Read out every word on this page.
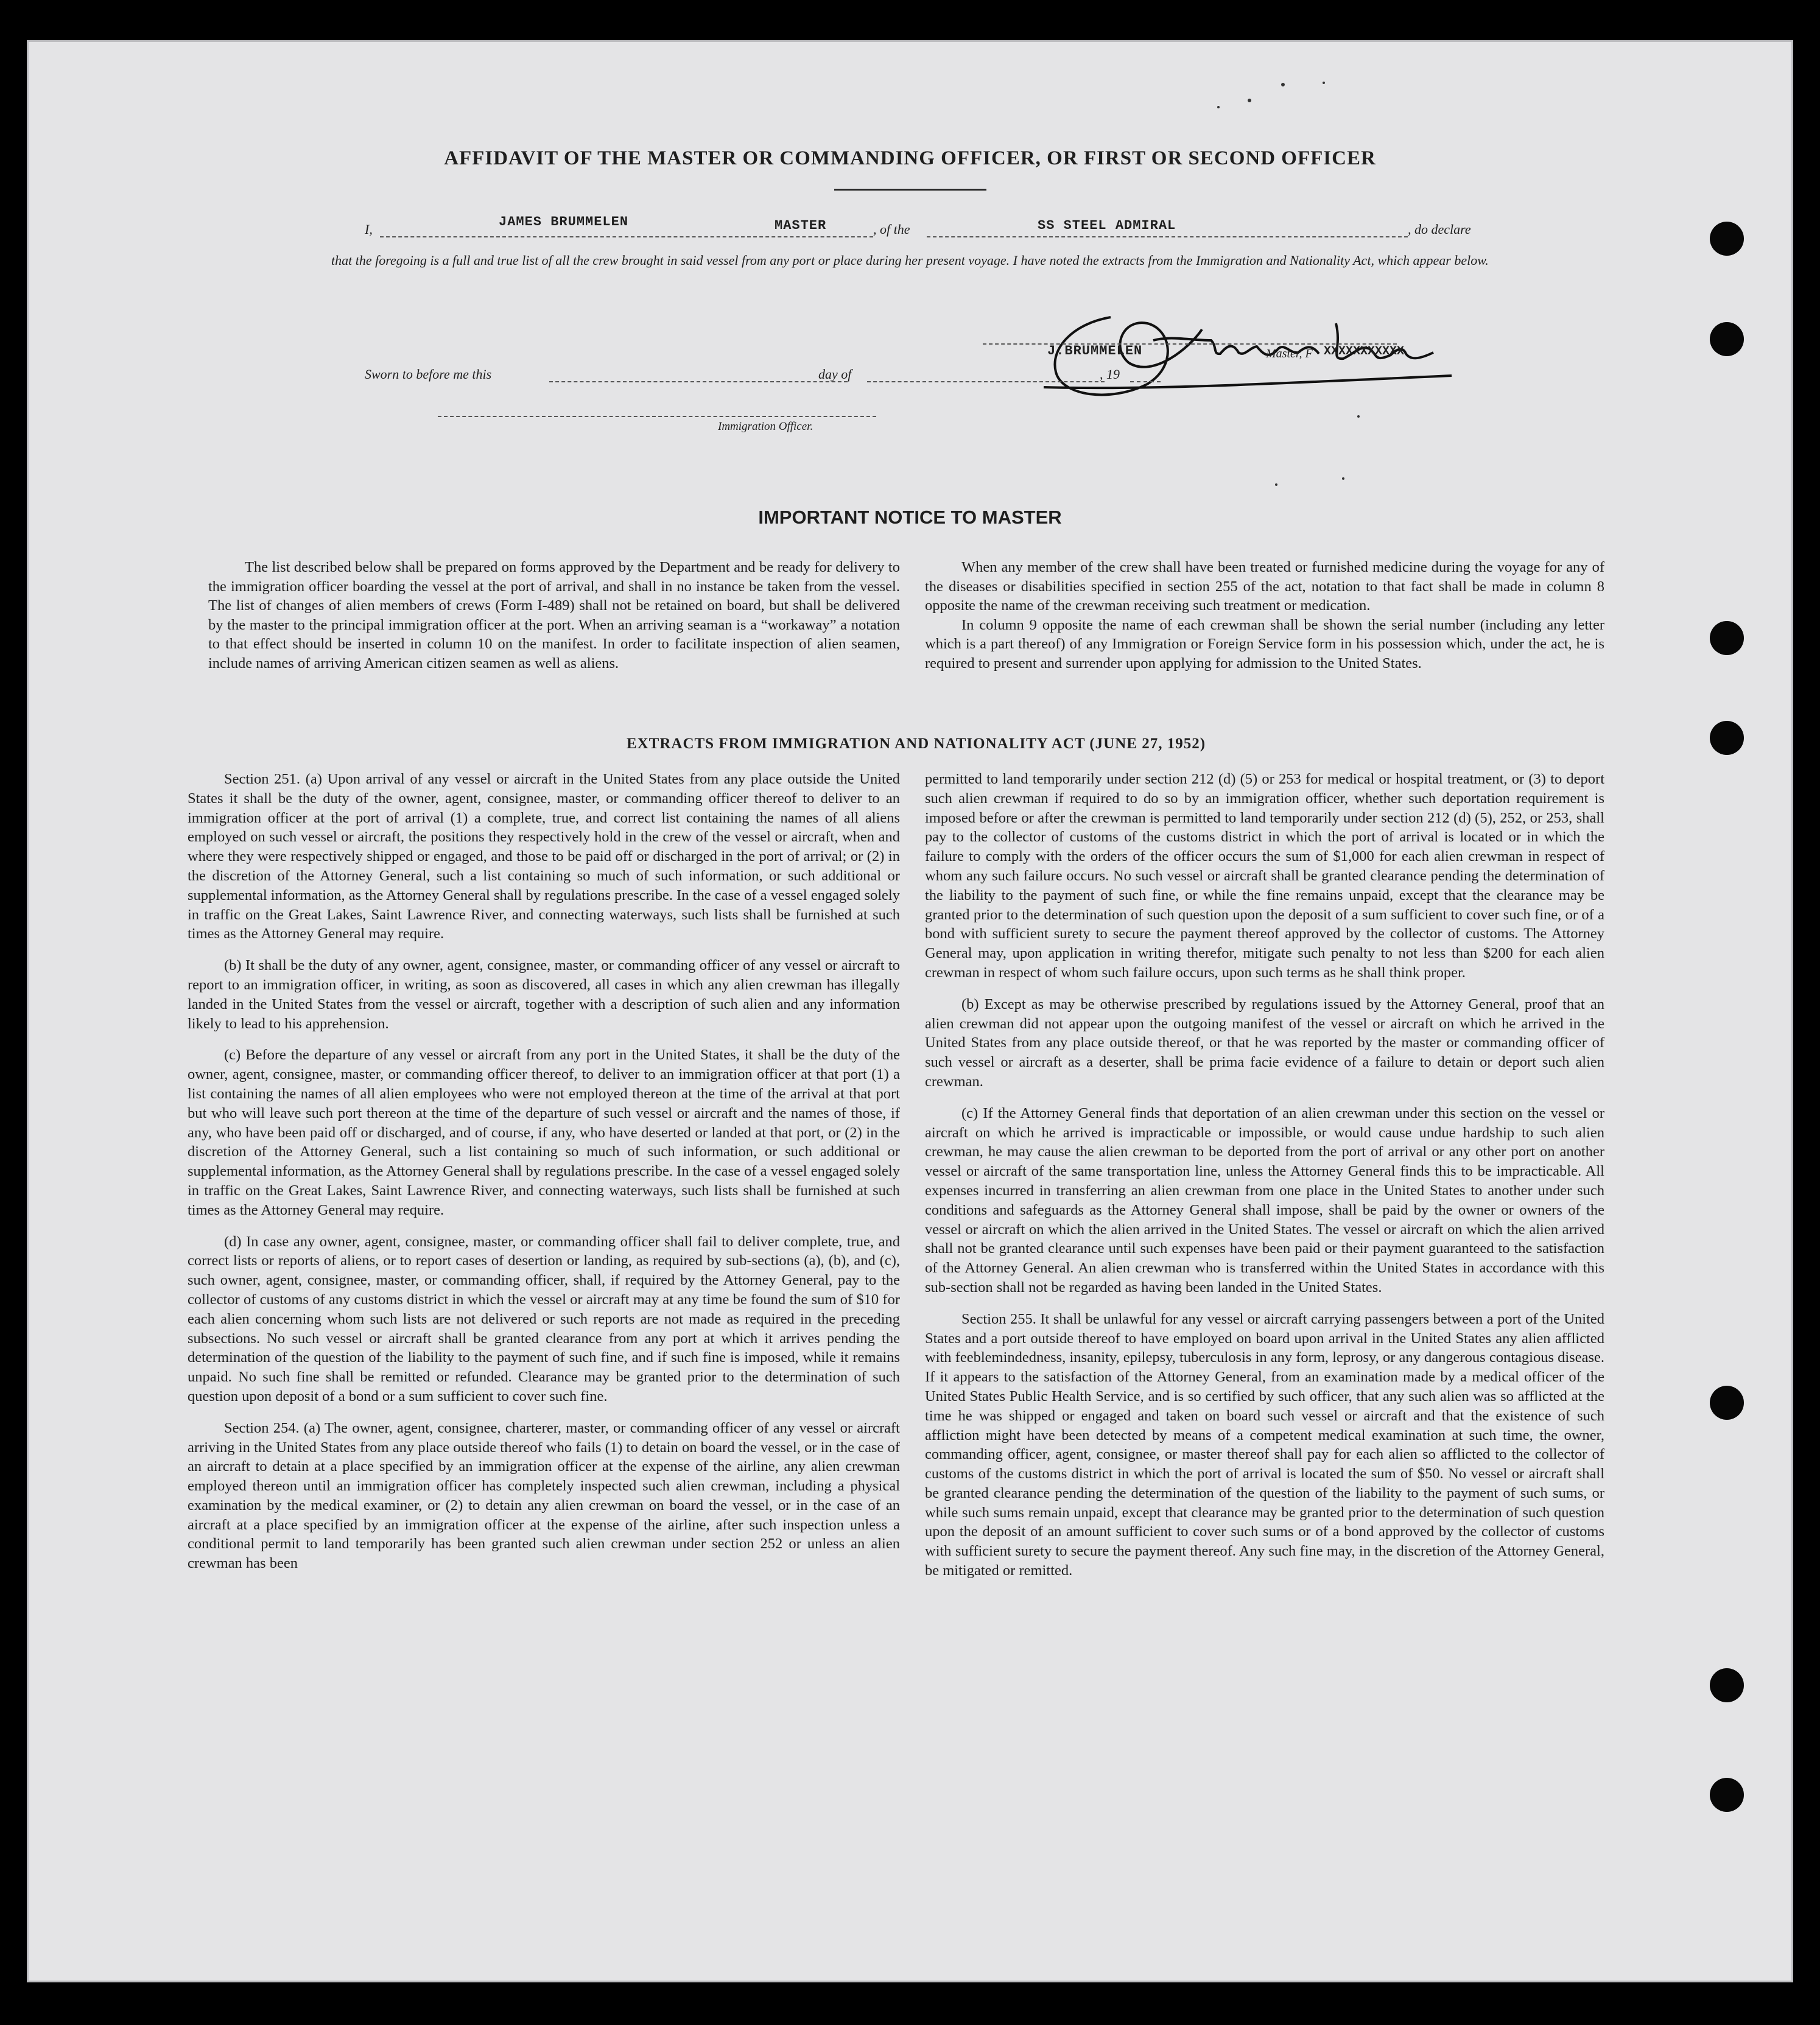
AFFIDAVIT OF THE MASTER OR COMMANDING OFFICER, OR FIRST OR SECOND OFFICER
I,	JAMES BRUMMELEN	MASTER	, of the	SS STEEL ADMIRAL	, do declare
that the foregoing is a full and true list of all the crew brought in said vessel from any port or place during her present voyage. I have noted the extracts from the Immigration and Nationality Act, which appear below.
J.BRUMMELEN	Master, F XXXXXXXXXXX
Sworn to before me this	day of	, 19
Immigration Officer.
IMPORTANT NOTICE TO MASTER

The list described below shall be prepared on forms approved by the Department and be ready for delivery to the immigration officer boarding the vessel at the port of arrival, and shall in no instance be taken from the vessel. The list of changes of alien members of crews (Form I-489) shall not be retained on board, but shall be delivered by the master to the principal immigration officer at the port. When an arriving seaman is a “workaway” a notation to that effect should be inserted in column 10 on the manifest. In order to facilitate inspection of alien seamen, include names of arriving American citizen seamen as well as aliens.

When any member of the crew shall have been treated or furnished medicine during the voyage for any of the diseases or disabilities specified in section 255 of the act, notation to that fact shall be made in column 8 opposite the name of the crewman receiving such treatment or medication.

In column 9 opposite the name of each crewman shall be shown the serial number (including any letter which is a part thereof) of any Immigration or Foreign Service form in his possession which, under the act, he is required to present and surrender upon applying for admission to the United States.

EXTRACTS FROM IMMIGRATION AND NATIONALITY ACT (JUNE 27, 1952)

Section 251. (a) Upon arrival of any vessel or aircraft in the United States from any place outside the United States it shall be the duty of the owner, agent, consignee, master, or commanding officer thereof to deliver to an immigration officer at the port of arrival (1) a complete, true, and correct list containing the names of all aliens employed on such vessel or aircraft, the positions they respectively hold in the crew of the vessel or aircraft, when and where they were respectively shipped or engaged, and those to be paid off or discharged in the port of arrival; or (2) in the discretion of the Attorney General, such a list containing so much of such information, or such additional or supplemental information, as the Attorney General shall by regulations prescribe. In the case of a vessel engaged solely in traffic on the Great Lakes, Saint Lawrence River, and connecting waterways, such lists shall be furnished at such times as the Attorney General may require.

(b) It shall be the duty of any owner, agent, consignee, master, or commanding officer of any vessel or aircraft to report to an immigration officer, in writing, as soon as discovered, all cases in which any alien crewman has illegally landed in the United States from the vessel or aircraft, together with a description of such alien and any information likely to lead to his apprehension.

(c) Before the departure of any vessel or aircraft from any port in the United States, it shall be the duty of the owner, agent, consignee, master, or commanding officer thereof, to deliver to an immigration officer at that port (1) a list containing the names of all alien employees who were not employed thereon at the time of the arrival at that port but who will leave such port thereon at the time of the departure of such vessel or aircraft and the names of those, if any, who have been paid off or discharged, and of course, if any, who have deserted or landed at that port, or (2) in the discretion of the Attorney General, such a list containing so much of such information, or such additional or supplemental information, as the Attorney General shall by regulations prescribe. In the case of a vessel engaged solely in traffic on the Great Lakes, Saint Lawrence River, and connecting waterways, such lists shall be furnished at such times as the Attorney General may require.

(d) In case any owner, agent, consignee, master, or commanding officer shall fail to deliver complete, true, and correct lists or reports of aliens, or to report cases of desertion or landing, as required by sub-sections (a), (b), and (c), such owner, agent, consignee, master, or commanding officer, shall, if required by the Attorney General, pay to the collector of customs of any customs district in which the vessel or aircraft may at any time be found the sum of $10 for each alien concerning whom such lists are not delivered or such reports are not made as required in the preceding subsections. No such vessel or aircraft shall be granted clearance from any port at which it arrives pending the determination of the question of the liability to the payment of such fine, and if such fine is imposed, while it remains unpaid. No such fine shall be remitted or refunded. Clearance may be granted prior to the determination of such question upon deposit of a bond or a sum sufficient to cover such fine.

Section 254. (a) The owner, agent, consignee, charterer, master, or commanding officer of any vessel or aircraft arriving in the United States from any place outside thereof who fails (1) to detain on board the vessel, or in the case of an aircraft to detain at a place specified by an immigration officer at the expense of the airline, any alien crewman employed thereon until an immigration officer has completely inspected such alien crewman, including a physical examination by the medical examiner, or (2) to detain any alien crewman on board the vessel, or in the case of an aircraft at a place specified by an immigration officer at the expense of the airline, after such inspection unless a conditional permit to land temporarily has been granted such alien crewman under section 252 or unless an alien crewman has been

permitted to land temporarily under section 212 (d) (5) or 253 for medical or hospital treatment, or (3) to deport such alien crewman if required to do so by an immigration officer, whether such deportation requirement is imposed before or after the crewman is permitted to land temporarily under section 212 (d) (5), 252, or 253, shall pay to the collector of customs of the customs district in which the port of arrival is located or in which the failure to comply with the orders of the officer occurs the sum of $1,000 for each alien crewman in respect of whom any such failure occurs. No such vessel or aircraft shall be granted clearance pending the determination of the liability to the payment of such fine, or while the fine remains unpaid, except that the clearance may be granted prior to the determination of such question upon the deposit of a sum sufficient to cover such fine, or of a bond with sufficient surety to secure the payment thereof approved by the collector of customs. The Attorney General may, upon application in writing therefor, mitigate such penalty to not less than $200 for each alien crewman in respect of whom such failure occurs, upon such terms as he shall think proper.

(b) Except as may be otherwise prescribed by regulations issued by the Attorney General, proof that an alien crewman did not appear upon the outgoing manifest of the vessel or aircraft on which he arrived in the United States from any place outside thereof, or that he was reported by the master or commanding officer of such vessel or aircraft as a deserter, shall be prima facie evidence of a failure to detain or deport such alien crewman.

(c) If the Attorney General finds that deportation of an alien crewman under this section on the vessel or aircraft on which he arrived is impracticable or impossible, or would cause undue hardship to such alien crewman, he may cause the alien crewman to be deported from the port of arrival or any other port on another vessel or aircraft of the same transportation line, unless the Attorney General finds this to be impracticable. All expenses incurred in transferring an alien crewman from one place in the United States to another under such conditions and safeguards as the Attorney General shall impose, shall be paid by the owner or owners of the vessel or aircraft on which the alien arrived in the United States. The vessel or aircraft on which the alien arrived shall not be granted clearance until such expenses have been paid or their payment guaranteed to the satisfaction of the Attorney General. An alien crewman who is transferred within the United States in accordance with this sub-section shall not be regarded as having been landed in the United States.

Section 255. It shall be unlawful for any vessel or aircraft carrying passengers between a port of the United States and a port outside thereof to have employed on board upon arrival in the United States any alien afflicted with feeblemindedness, insanity, epilepsy, tuberculosis in any form, leprosy, or any dangerous contagious disease. If it appears to the satisfaction of the Attorney General, from an examination made by a medical officer of the United States Public Health Service, and is so certified by such officer, that any such alien was so afflicted at the time he was shipped or engaged and taken on board such vessel or aircraft and that the existence of such affliction might have been detected by means of a competent medical examination at such time, the owner, commanding officer, agent, consignee, or master thereof shall pay for each alien so afflicted to the collector of customs of the customs district in which the port of arrival is located the sum of $50. No vessel or aircraft shall be granted clearance pending the determination of the question of the liability to the payment of such sums, or while such sums remain unpaid, except that clearance may be granted prior to the determination of such question upon the deposit of an amount sufficient to cover such sums or of a bond approved by the collector of customs with sufficient surety to secure the payment thereof. Any such fine may, in the discretion of the Attorney General, be mitigated or remitted.
